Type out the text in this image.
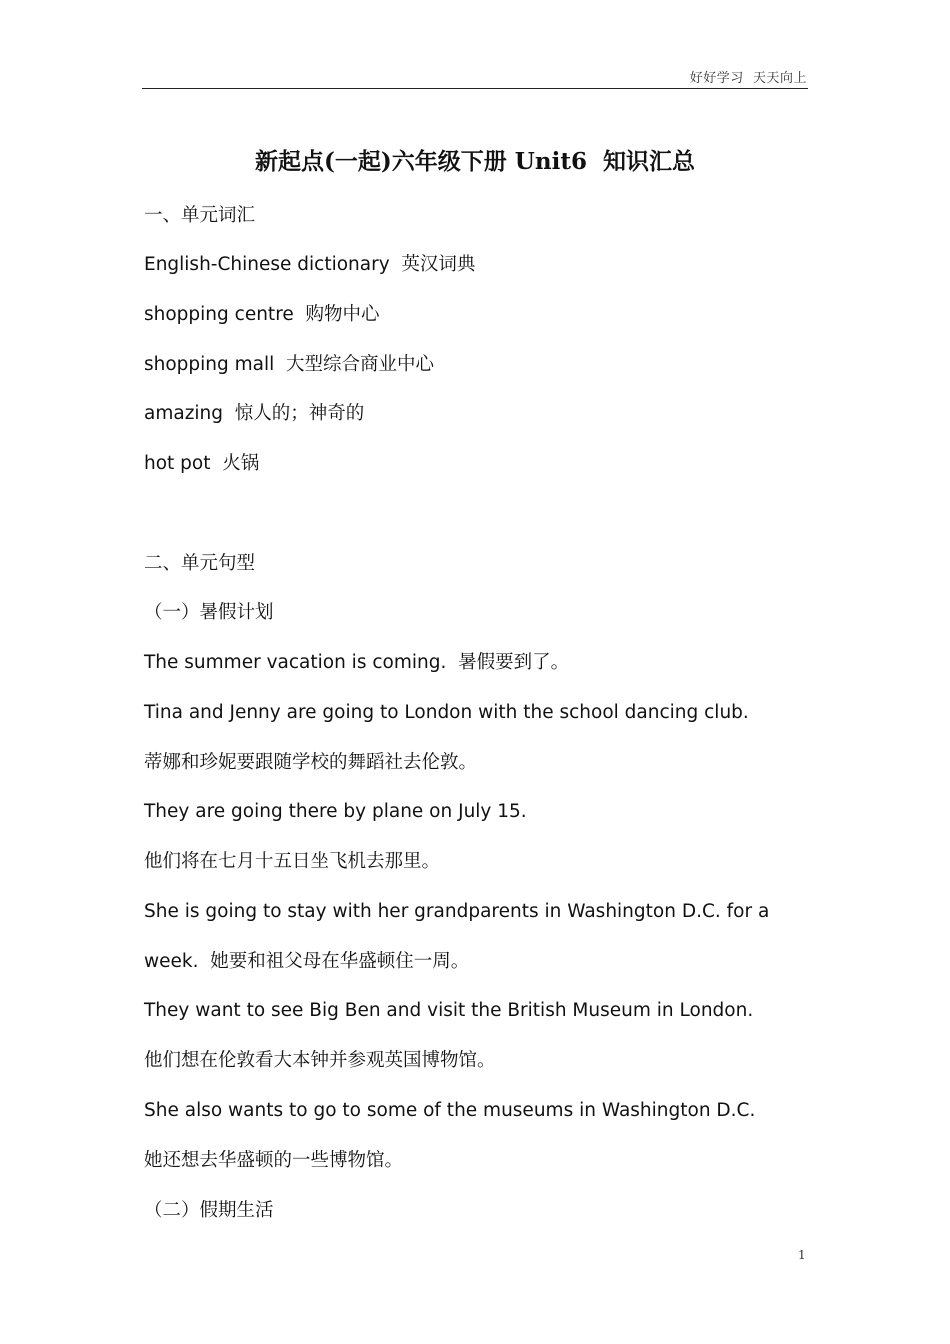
好好学习  天天向上
新起点(一起)六年级下册 Unit6  知识汇总
一、单元词汇
English-Chinese dictionary  英汉词典
shopping centre  购物中心
shopping mall  大型综合商业中心
amazing  惊人的；神奇的
hot pot  火锅
二、单元句型
（一）暑假计划
The summer vacation is coming.  暑假要到了。
Tina and Jenny are going to London with the school dancing club.
蒂娜和珍妮要跟随学校的舞蹈社去伦敦。
They are going there by plane on July 15.
他们将在七月十五日坐飞机去那里。
She is going to stay with her grandparents in Washington D.C. for a
week.  她要和祖父母在华盛顿住一周。
They want to see Big Ben and visit the British Museum in London.
他们想在伦敦看大本钟并参观英国博物馆。
She also wants to go to some of the museums in Washington D.C.
她还想去华盛顿的一些博物馆。
（二）假期生活
1
